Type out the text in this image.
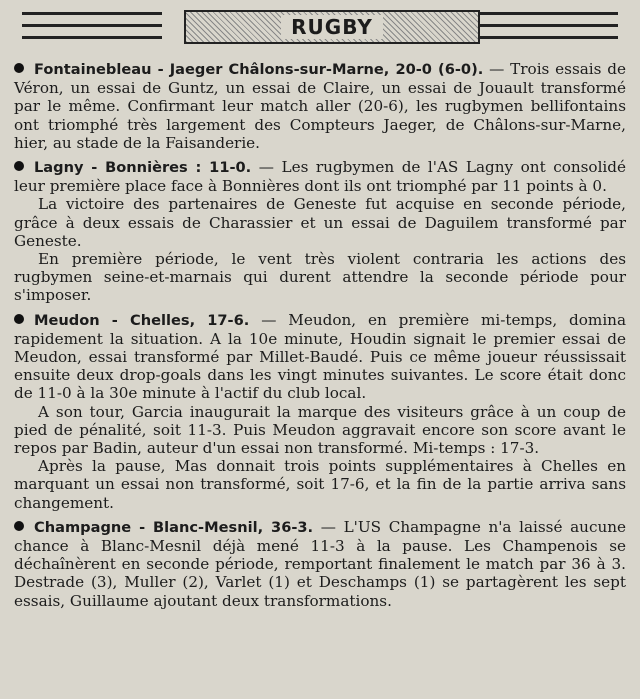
RUGBY

Fontainebleau - Jaeger Châlons-sur-Marne, 20-0 (6-0). — Trois essais de Véron, un essai de Guntz, un essai de Claire, un essai de Jouault transformé par le même. Confirmant leur match aller (20-6), les rugbymen bellifontains ont triomphé très largement des Compteurs Jaeger, de Châlons-sur-Marne, hier, au stade de la Faisanderie.

Lagny - Bonnières : 11-0. — Les rugbymen de l'AS Lagny ont consolidé leur première place face à Bonnières dont ils ont triomphé par 11 points à 0.

La victoire des partenaires de Geneste fut acquise en seconde période, grâce à deux essais de Charassier et un essai de Daguilem transformé par Geneste.

En première période, le vent très violent contraria les actions des rugbymen seine-et-marnais qui durent attendre la seconde période pour s'imposer.

Meudon - Chelles, 17-6. — Meudon, en première mi-temps, domina rapidement la situation. A la 10e minute, Houdin signait le premier essai de Meudon, essai transformé par Millet-Baudé. Puis ce même joueur réussissait ensuite deux drop-goals dans les vingt minutes suivantes. Le score était donc de 11-0 à la 30e minute à l'actif du club local.

A son tour, Garcia inaugurait la marque des visiteurs grâce à un coup de pied de pénalité, soit 11-3. Puis Meudon aggravait encore son score avant le repos par Badin, auteur d'un essai non transformé. Mi-temps : 17-3.

Après la pause, Mas donnait trois points supplémentaires à Chelles en marquant un essai non transformé, soit 17-6, et la fin de la partie arriva sans changement.

Champagne - Blanc-Mesnil, 36-3. — L'US Champagne n'a laissé aucune chance à Blanc-Mesnil déjà mené 11-3 à la pause. Les Champenois se déchaînèrent en seconde période, remportant finalement le match par 36 à 3. Destrade (3), Muller (2), Varlet (1) et Deschamps (1) se partagèrent les sept essais, Guillaume ajoutant deux transformations.
